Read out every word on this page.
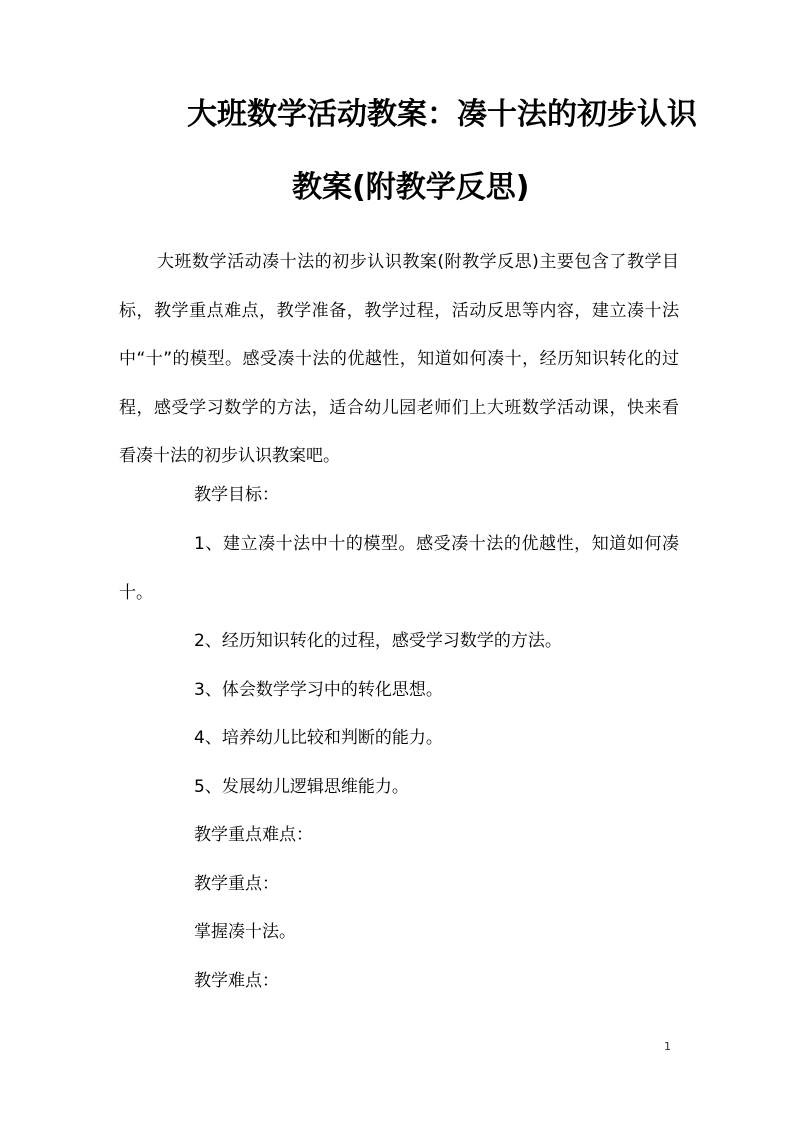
大班数学活动教案：凑十法的初步认识
教案(附教学反思)
大班数学活动凑十法的初步认识教案(附教学反思)主要包含了教学目标，教学重点难点，教学准备，教学过程，活动反思等内容，建立凑十法中“十”的模型。感受凑十法的优越性，知道如何凑十，经历知识转化的过程，感受学习数学的方法，适合幼儿园老师们上大班数学活动课，快来看看凑十法的初步认识教案吧。
教学目标：
1、建立凑十法中十的模型。感受凑十法的优越性，知道如何凑十。
2、经历知识转化的过程，感受学习数学的方法。
3、体会数学学习中的转化思想。
4、培养幼儿比较和判断的能力。
5、发展幼儿逻辑思维能力。
教学重点难点：
教学重点：
掌握凑十法。
教学难点：
1
